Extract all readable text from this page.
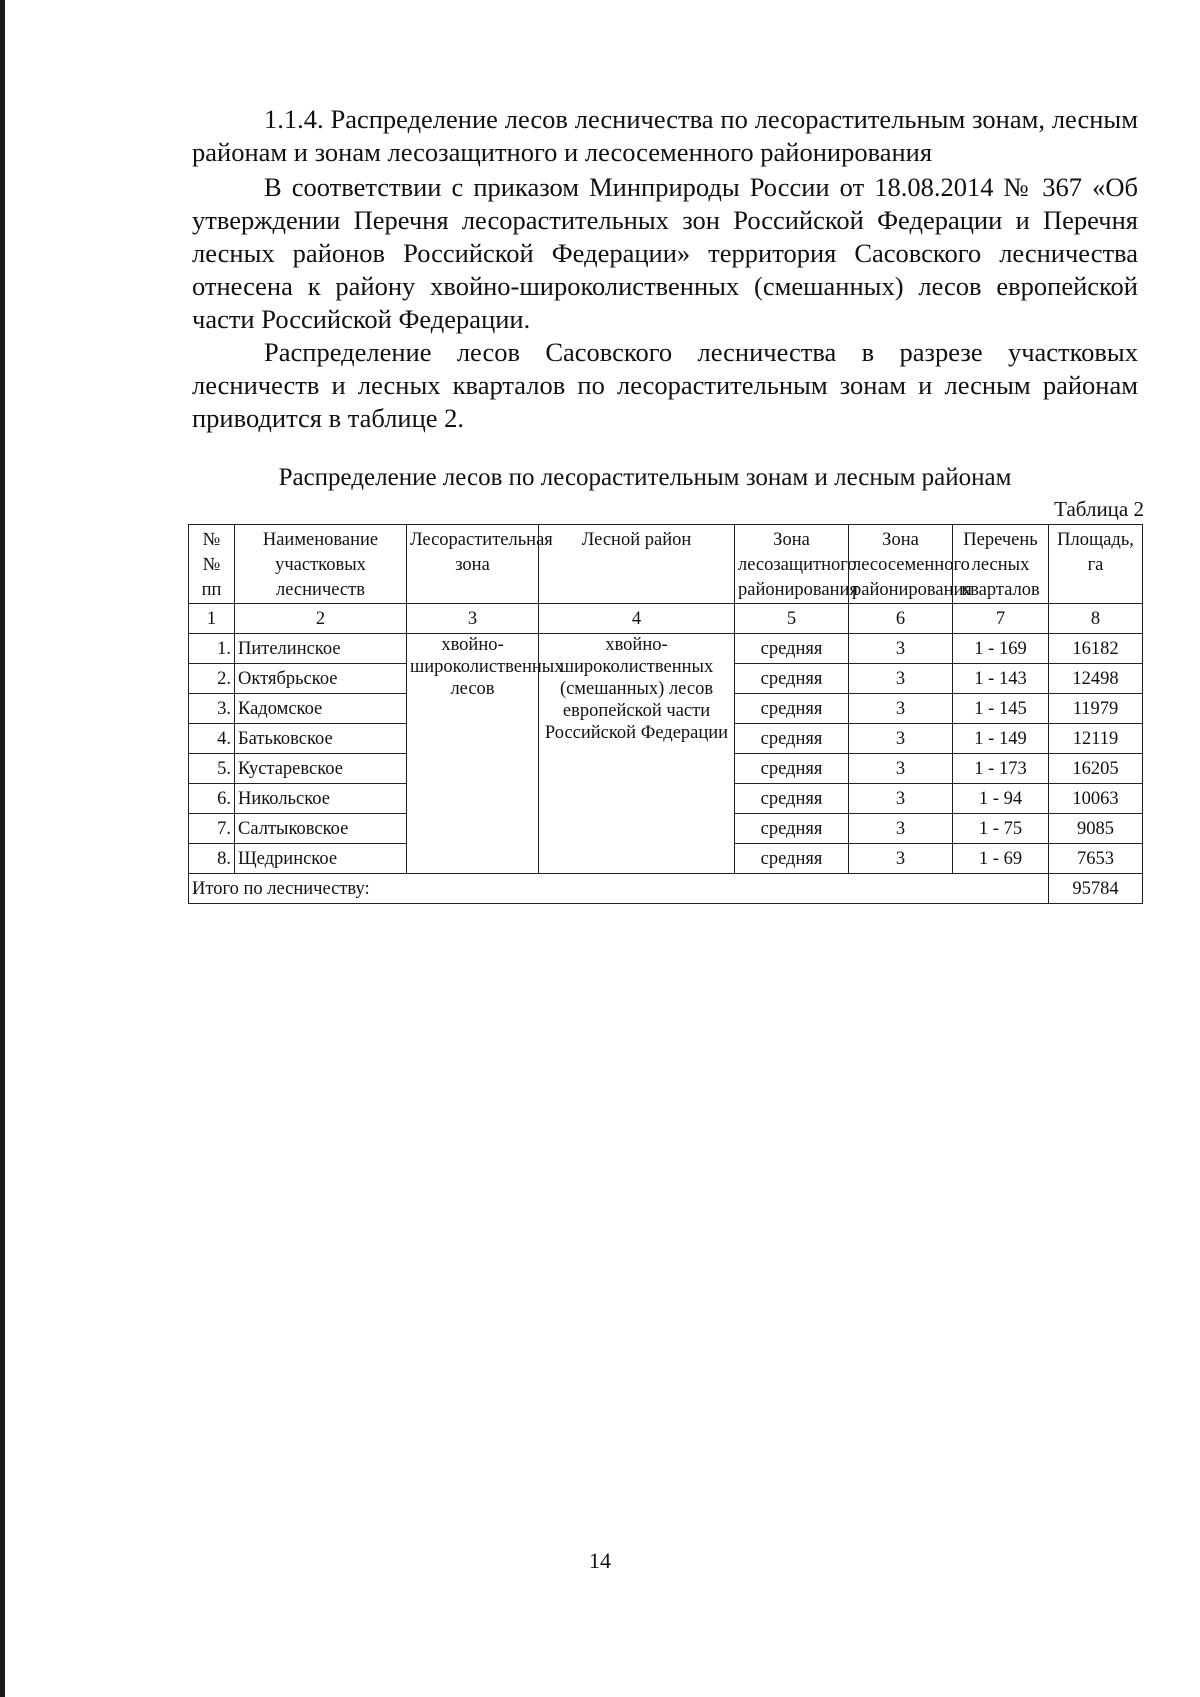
1.1.4. Распределение лесов лесничества по лесорастительным зонам, лесным районам и зонам лесозащитного и лесосеменного районирования

В соответствии с приказом Минприроды России от 18.08.2014 № 367 «Об утверждении Перечня лесорастительных зон Российской Федерации и Перечня лесных районов Российской Федерации» территория Сасовского лесничества отнесена к району хвойно-широколиственных (смешанных) лесов европейской части Российской Федерации.

Распределение лесов Сасовского лесничества в разрезе участковых лесничеств и лесных кварталов по лесорастительным зонам и лесным районам приводится в таблице 2.

Распределение лесов по лесорастительным зонам и лесным районам
Таблица 2
№ № пп	Наименование участковых лесничеств	Лесорастительная зона	Лесной район	Зона лесозащитного районирования	Зона лесосеменного районирования	Перечень лесных кварталов	Площадь, га
1	2	3	4	5	6	7	8
1.	Пителинское	хвойно-широколиственных лесов	хвойно-широколиственных (смешанных) лесов европейской части Российской Федерации	средняя	3	1 - 169	16182
2.	Октябрьское			средняя	3	1 - 143	12498
3.	Кадомское			средняя	3	1 - 145	11979
4.	Батьковское			средняя	3	1 - 149	12119
5.	Кустаревское			средняя	3	1 - 173	16205
6.	Никольское			средняя	3	1 - 94	10063
7.	Салтыковское			средняя	3	1 - 75	9085
8.	Щедринское			средняя	3	1 - 69	7653
Итого по лесничеству:							95784
14
